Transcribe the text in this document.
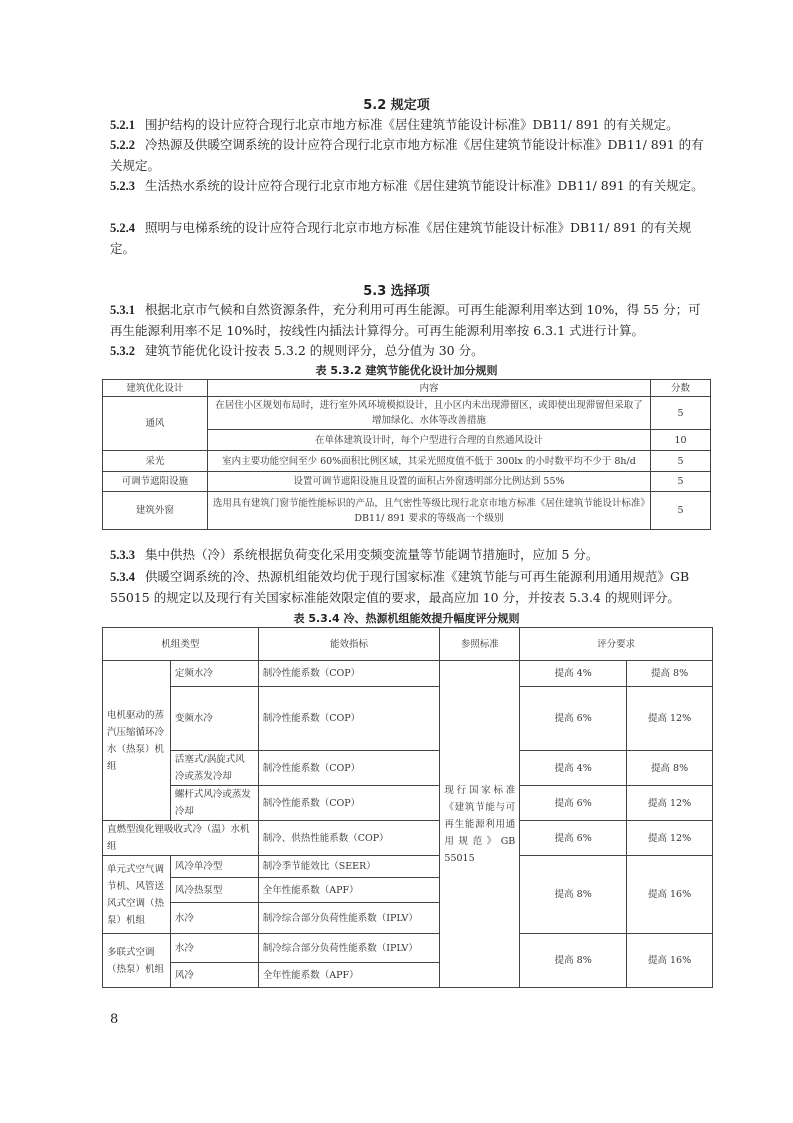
5.2 规定项
5.2.1 围护结构的设计应符合现行北京市地方标准《居住建筑节能设计标准》DB11/ 891 的有关规定。
5.2.2 冷热源及供暖空调系统的设计应符合现行北京市地方标准《居住建筑节能设计标准》DB11/ 891 的有关规定。
5.2.3 生活热水系统的设计应符合现行北京市地方标准《居住建筑节能设计标准》DB11/ 891 的有关规定。
5.2.4 照明与电梯系统的设计应符合现行北京市地方标准《居住建筑节能设计标准》DB11/ 891 的有关规定。
5.3 选择项
5.3.1 根据北京市气候和自然资源条件，充分利用可再生能源。可再生能源利用率达到 10%，得 55 分；可再生能源利用率不足 10%时，按线性内插法计算得分。可再生能源利用率按 6.3.1 式进行计算。
5.3.2 建筑节能优化设计按表 5.3.2 的规则评分，总分值为 30 分。
表 5.3.2 建筑节能优化设计加分规则
建筑优化设计	内容	分数
通风	在居住小区规划布局时，进行室外风环境模拟设计，且小区内未出现滞留区，或即使出现滞留但采取了增加绿化、水体等改善措施	5
	在单体建筑设计时，每个户型进行合理的自然通风设计	10
采光	室内主要功能空间至少 60%面积比例区域，其采光照度值不低于 300lx 的小时数平均不少于 8h/d	5
可调节遮阳设施	设置可调节遮阳设施且设置的面积占外窗透明部分比例达到 55%	5
建筑外窗	选用具有建筑门窗节能性能标识的产品，且气密性等级比现行北京市地方标准《居住建筑节能设计标准》DB11/ 891 要求的等级高一个级别	5
5.3.3 集中供热（冷）系统根据负荷变化采用变频变流量等节能调节措施时，应加 5 分。
5.3.4 供暖空调系统的冷、热源机组能效均优于现行国家标准《建筑节能与可再生能源利用通用规范》GB 55015 的规定以及现行有关国家标准能效限定值的要求，最高应加 10 分，并按表 5.3.4 的规则评分。
表 5.3.4 冷、热源机组能效提升幅度评分规则
机组类型		能效指标	参照标准	评分要求	
电机驱动的蒸汽压缩循环冷水（热泵）机组	定频水冷	制冷性能系数（COP）	现行国家标准《建筑节能与可再生能源利用通用规范》GB 55015	提高 4%	提高 8%
	变频水冷	制冷性能系数（COP）		提高 6%	提高 12%
	活塞式/涡旋式风冷或蒸发冷却	制冷性能系数（COP）		提高 4%	提高 8%
	螺杆式风冷或蒸发冷却	制冷性能系数（COP）		提高 6%	提高 12%
直燃型溴化锂吸收式冷（温）水机组		制冷、供热性能系数（COP）		提高 6%	提高 12%
单元式空气调节机、风管送风式空调（热泵）机组	风冷单冷型	制冷季节能效比（SEER）		提高 8%	提高 16%
	风冷热泵型	全年性能系数（APF）			
	水冷	制冷综合部分负荷性能系数（IPLV）			
多联式空调（热泵）机组	水冷	制冷综合部分负荷性能系数（IPLV）		提高 8%	提高 16%
	风冷	全年性能系数（APF）			
8
